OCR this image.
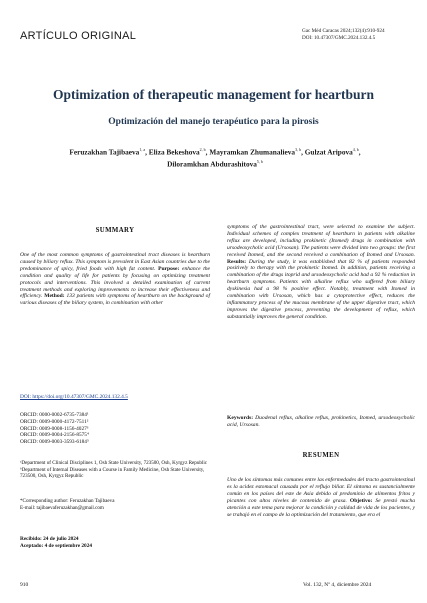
ARTÍCULO ORIGINAL	Gac Méd Caracas 2024;132(4):910-924
DOI: 10.47307/GMC.2024.132.4.5
Optimization of therapeutic management for heartburn
Optimización del manejo terapéutico para la pirosis
Feruzakhan Tajibaeva$^{1, a}$, Eliza Bekeshova$^{2, b}$, Mayramkan Zhumanalieva$^{3, b}$, Gulzat Aripova$^{4, b}$,
Diloramkhan Abdurashitova$^{5, b}$
SUMMARY
One of the most common symptoms of gastrointestinal tract diseases is heartburn caused by biliary reflux. This symptom is prevalent in East Asian countries due to the predominance of spicy, fried foods with high fat content. Purpose: enhance the condition and quality of life for patients by focusing on optimizing treatment protocols and interventions. This involved a detailed examination of current treatment methods and exploring improvements to increase their effectiveness and efficiency. Method: 133 patients with symptoms of heartburn on the background of various diseases of the biliary system, in combination with other
DOI: https://doi.org/10.47307/GMC.2024.132.4.5
ORCID: 0000-0002-6735-7384¹
ORCID: 0009-0000-4172-7511²
ORCID: 0009-0008-1156-4027³
ORCID: 0009-0004-2156-8575⁴
ORCID: 0009-0003-3593-6184⁵
ᵃDepartment of Clinical Disciplines 1, Osh State University, 723500, Osh, Kyrgyz Republic
ᵇDepartment of Internal Diseases with a Course in Family Medicine, Osh State University, 723500, Osh, Kyrgyz Republic
*Corresponding author: Feruzakhan Tajibaeva
E-mail: tajibaevaferuzakhan@gmail.com
Recibido: 24 de julio 2024
Aceptado: 4 de septiembre 2024
symptoms of the gastrointestinal tract, were selected to examine the subject. Individual schemes of complex treatment of heartburn in patients with alkaline reflux are developed, including prokinetic (Itomed) drugs in combination with ursodeoxycholic acid (Ursosan). The patients were divided into two groups: the first received Itomed, and the second received a combination of Itomed and Ursosan. Results: During the study, it was established that 82 % of patients responded positively to therapy with the prokinetic Itomed. In addition, patients receiving a combination of the drugs itoprid and ursodeoxycholic acid had a 92 % reduction in heartburn symptoms. Patients with alkaline reflux who suffered from biliary dyskinesia had a 98 % positive effect. Notably, treatment with Itomed in combination with Ursosan, which has a cytoprotective effect, reduces the inflammatory process of the mucous membrane of the upper digestive tract, which improves the digestive process, preventing the development of reflux, which substantially improves the general condition.
Keywords: Duodenal reflux, alkaline reflux, prokinetics, Itomed, ursodeoxycholic acid, Ursosan.
RESUMEN
Uno de los síntomas más comunes entre las enfermedades del tracto gastrointestinal es la acidez estomacal causada por el reflujo biliar. El síntoma es sustancialmente común en los países del este de Asia debido al predominio de alimentos fritos y picantes con altos niveles de contenido de grasa. Objetivo: Se prestó mucha atención a este tema para mejorar la condición y calidad de vida de los pacientes, y se trabajó en el campo de la optimización del tratamiento, que era el
910	Vol. 132, Nº 4, diciembre 2024
